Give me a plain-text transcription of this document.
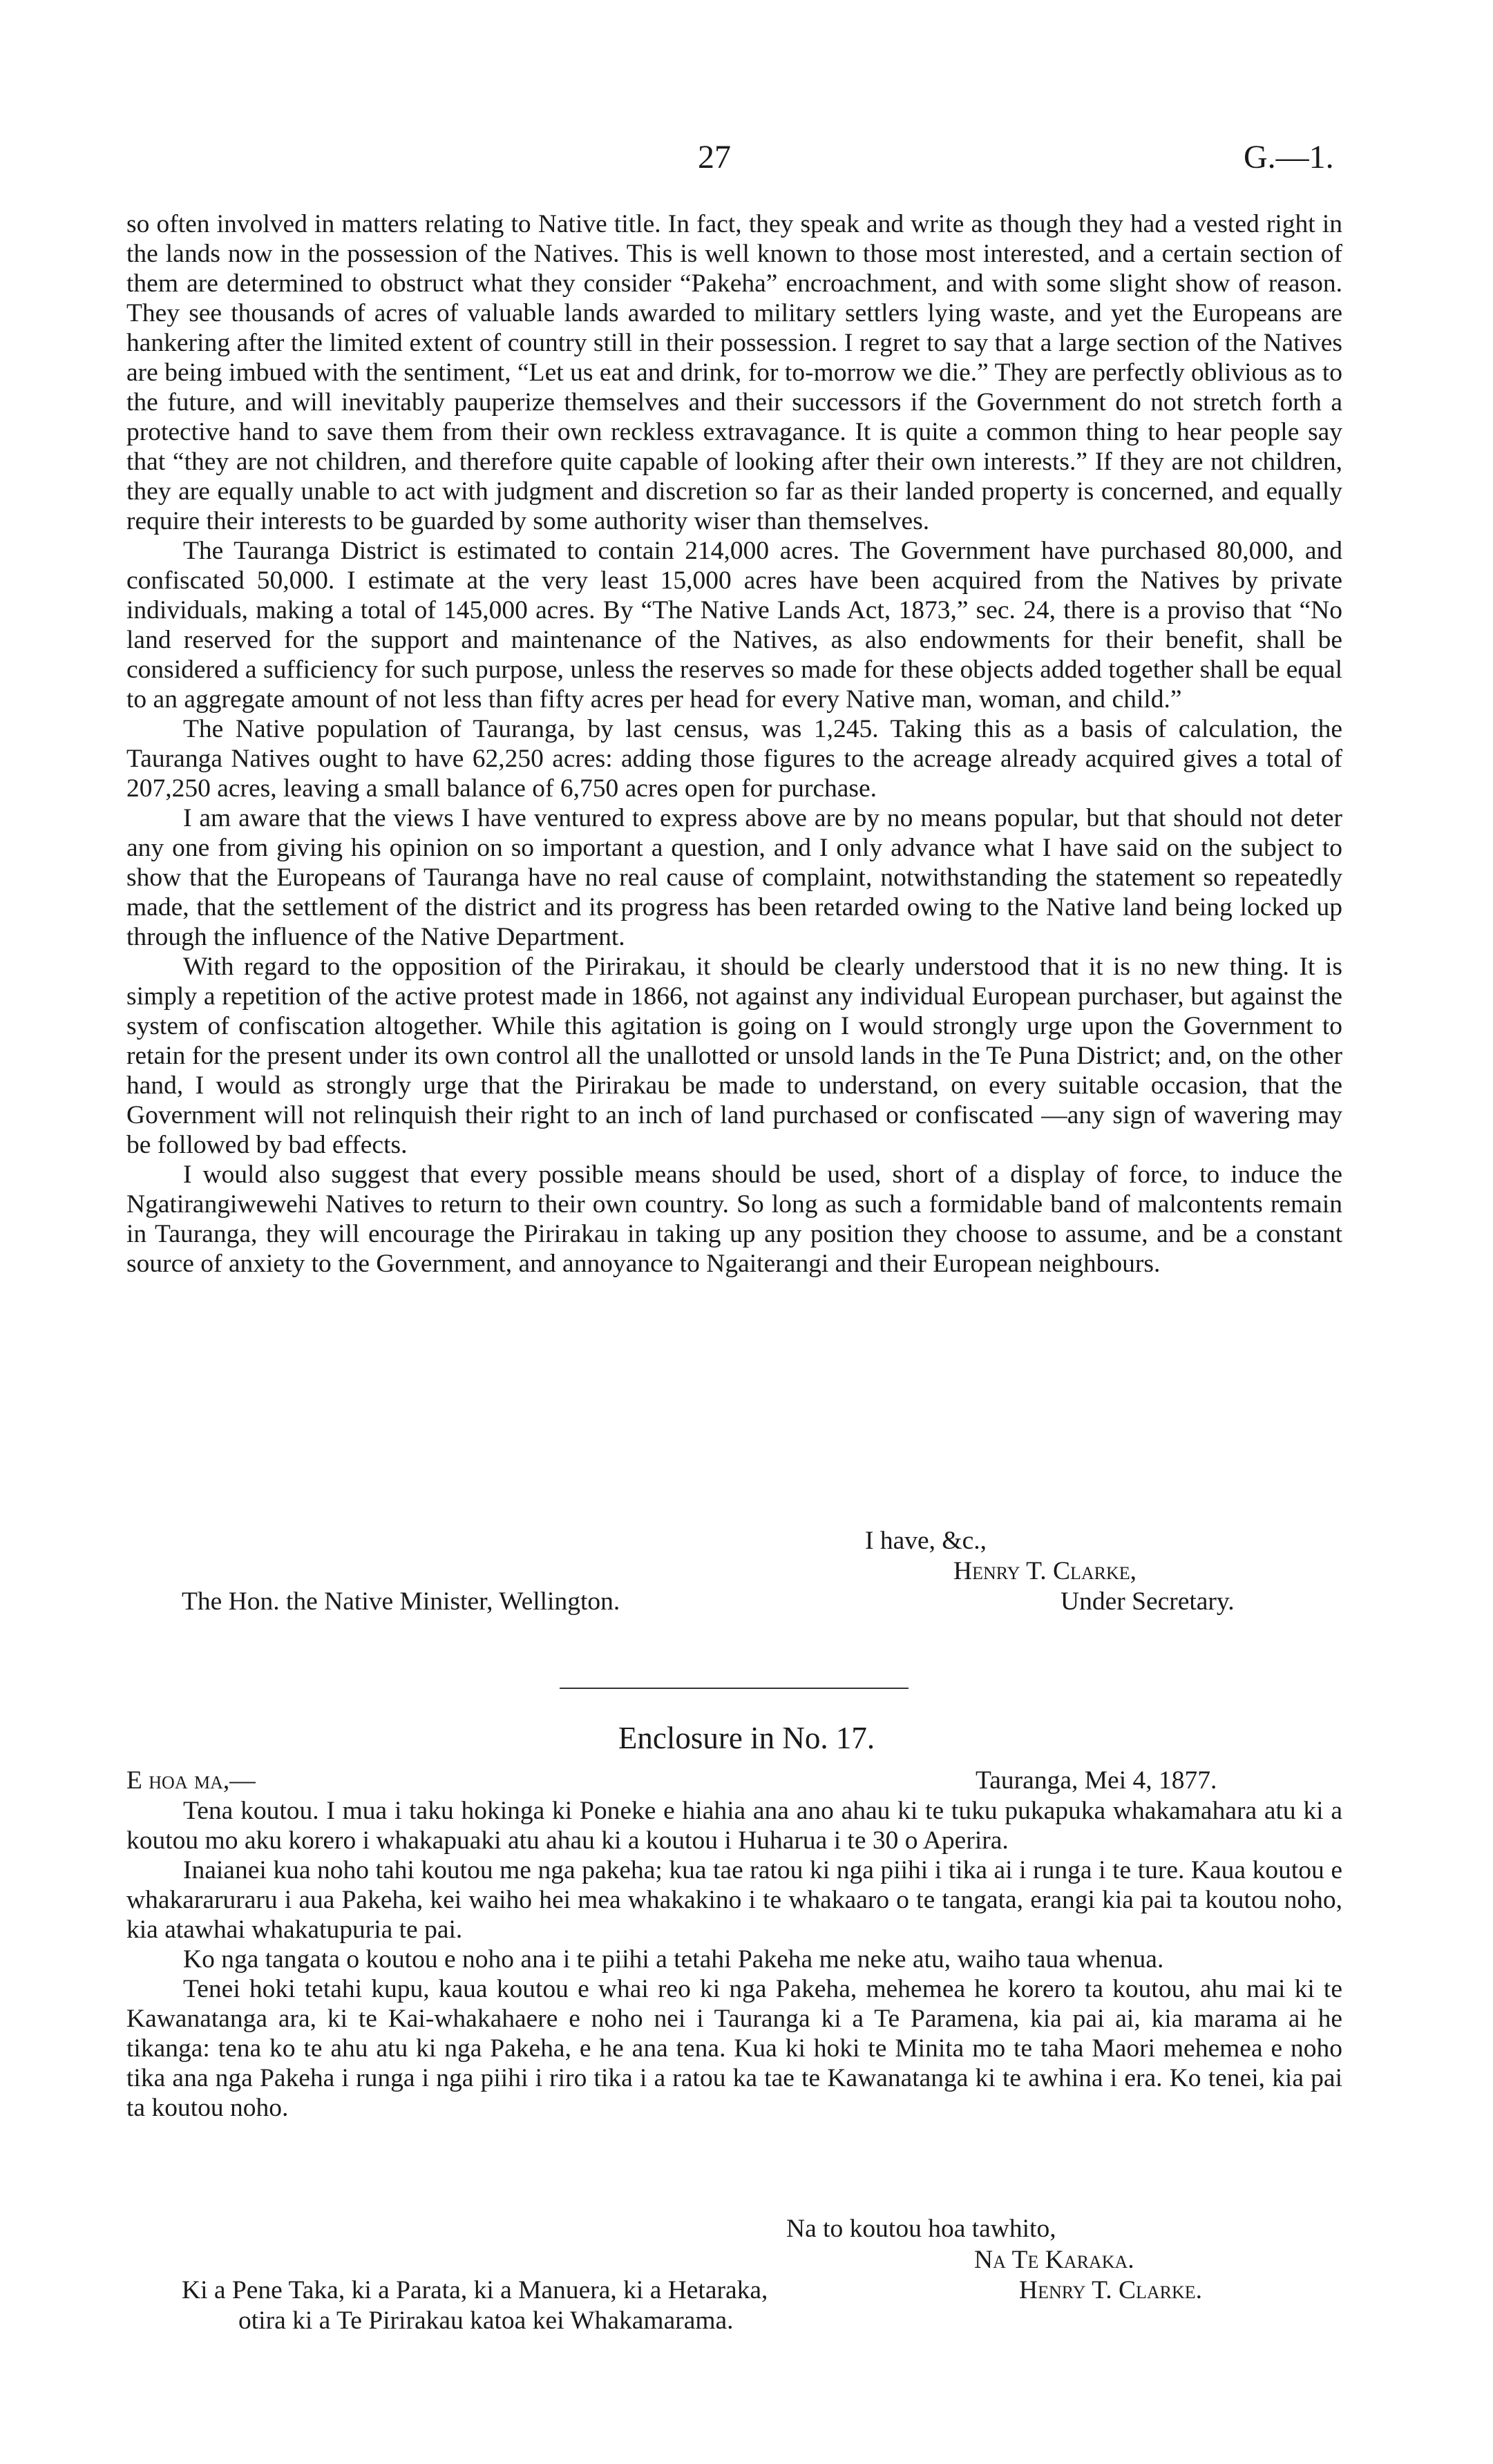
27	G.—1.

so often involved in matters relating to Native title. In fact, they speak and write as though they had a vested right in the lands now in the possession of the Natives. This is well known to those most interested, and a certain section of them are determined to obstruct what they consider “Pakeha” encroachment, and with some slight show of reason. They see thousands of acres of valuable lands awarded to military settlers lying waste, and yet the Europeans are hankering after the limited extent of country still in their possession. I regret to say that a large section of the Natives are being imbued with the sentiment, “Let us eat and drink, for to-morrow we die.” They are perfectly oblivious as to the future, and will inevitably pauperize themselves and their successors if the Government do not stretch forth a protective hand to save them from their own reckless extravagance. It is quite a common thing to hear people say that “they are not children, and therefore quite capable of looking after their own interests.” If they are not children, they are equally unable to act with judgment and discretion so far as their landed property is concerned, and equally require their interests to be guarded by some authority wiser than themselves.

The Tauranga District is estimated to contain 214,000 acres. The Government have purchased 80,000, and confiscated 50,000. I estimate at the very least 15,000 acres have been acquired from the Natives by private individuals, making a total of 145,000 acres. By “The Native Lands Act, 1873,” sec. 24, there is a proviso that “No land reserved for the support and maintenance of the Natives, as also endowments for their benefit, shall be considered a sufficiency for such purpose, unless the reserves so made for these objects added together shall be equal to an aggregate amount of not less than fifty acres per head for every Native man, woman, and child.”

The Native population of Tauranga, by last census, was 1,245. Taking this as a basis of calculation, the Tauranga Natives ought to have 62,250 acres: adding those figures to the acreage already acquired gives a total of 207,250 acres, leaving a small balance of 6,750 acres open for purchase.

I am aware that the views I have ventured to express above are by no means popular, but that should not deter any one from giving his opinion on so important a question, and I only advance what I have said on the subject to show that the Europeans of Tauranga have no real cause of complaint, notwithstanding the statement so repeatedly made, that the settlement of the district and its progress has been retarded owing to the Native land being locked up through the influence of the Native Department.

With regard to the opposition of the Pirirakau, it should be clearly understood that it is no new thing. It is simply a repetition of the active protest made in 1866, not against any individual European purchaser, but against the system of confiscation altogether. While this agitation is going on I would strongly urge upon the Government to retain for the present under its own control all the unallotted or unsold lands in the Te Puna District; and, on the other hand, I would as strongly urge that the Pirirakau be made to understand, on every suitable occasion, that the Government will not relinquish their right to an inch of land purchased or confiscated —any sign of wavering may be followed by bad effects.

I would also suggest that every possible means should be used, short of a display of force, to induce the Ngatirangiwewehi Natives to return to their own country. So long as such a formidable band of malcontents remain in Tauranga, they will encourage the Pirirakau in taking up any position they choose to assume, and be a constant source of anxiety to the Government, and annoyance to Ngaiterangi and their European neighbours.

I have, &c.,
Henry T. Clarke,
Under Secretary.
The Hon. the Native Minister, Wellington.
Enclosure in No. 17.
E hoa ma,—	Tauranga, Mei 4, 1877.

Tena koutou. I mua i taku hokinga ki Poneke e hiahia ana ano ahau ki te tuku pukapuka whakamahara atu ki a koutou mo aku korero i whakapuaki atu ahau ki a koutou i Huharua i te 30 o Aperira.

Inaianei kua noho tahi koutou me nga pakeha; kua tae ratou ki nga piihi i tika ai i runga i te ture. Kaua koutou e whakararuraru i aua Pakeha, kei waiho hei mea whakakino i te whakaaro o te tangata, erangi kia pai ta koutou noho, kia atawhai whakatupuria te pai.

Ko nga tangata o koutou e noho ana i te piihi a tetahi Pakeha me neke atu, waiho taua whenua.

Tenei hoki tetahi kupu, kaua koutou e whai reo ki nga Pakeha, mehemea he korero ta koutou, ahu mai ki te Kawanatanga ara, ki te Kai-whakahaere e noho nei i Tauranga ki a Te Paramena, kia pai ai, kia marama ai he tikanga: tena ko te ahu atu ki nga Pakeha, e he ana tena. Kua ki hoki te Minita mo te taha Maori mehemea e noho tika ana nga Pakeha i runga i nga piihi i riro tika i a ratou ka tae te Kawanatanga ki te awhina i era. Ko tenei, kia pai ta koutou noho.

Na to koutou hoa tawhito,
Na Te Karaka.
Ki a Pene Taka, ki a Parata, ki a Manuera, ki a Hetaraka,	Henry T. Clarke.
otira ki a Te Pirirakau katoa kei Whakamarama.
